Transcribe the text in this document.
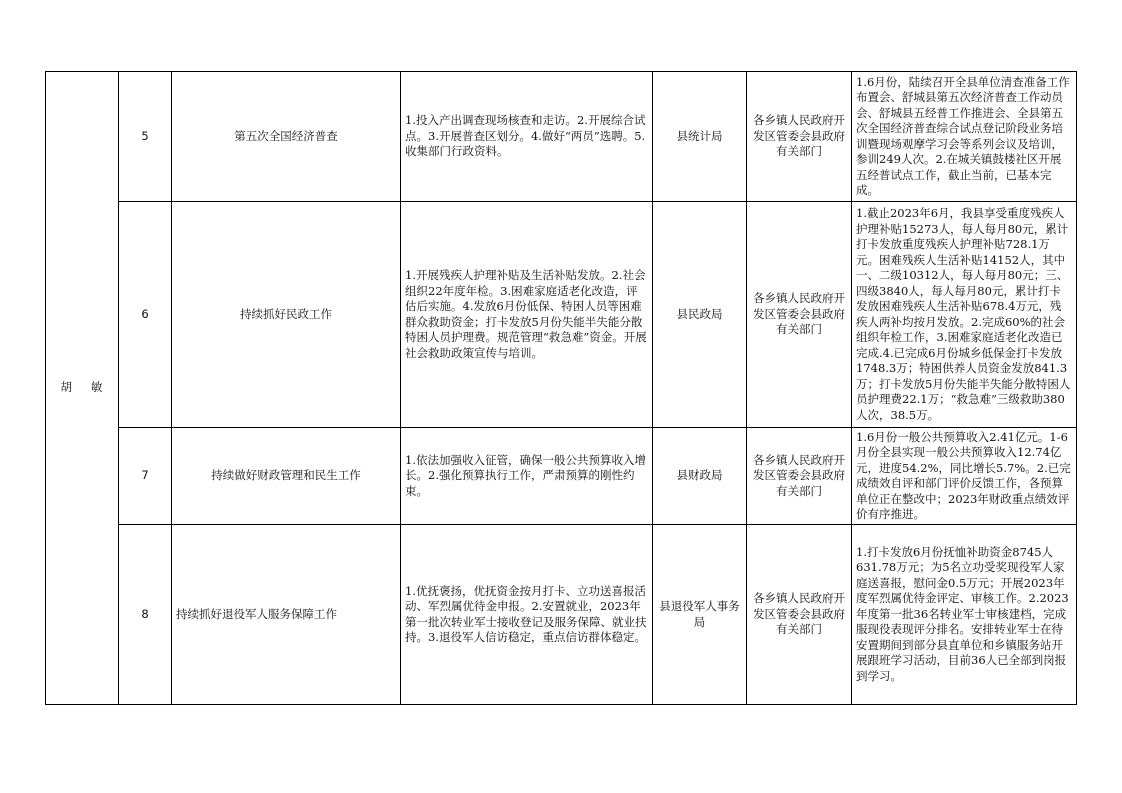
胡 敏	5	第五次全国经济普查	1.投入产出调查现场核查和走访。2.开展综合试点。3.开展普查区划分。4.做好“两员”选聘。5.收集部门行政资料。	县统计局	各乡镇人民政府开发区管委会县政府有关部门	1.6月份，陆续召开全县单位清查准备工作布置会、舒城县第五次经济普查工作动员会、舒城县五经普工作推进会、全县第五次全国经济普查综合试点登记阶段业务培训暨现场观摩学习会等系列会议及培训，参训249人次。2.在城关镇鼓楼社区开展五经普试点工作，截止当前，已基本完成。
	6	持续抓好民政工作	1.开展残疾人护理补贴及生活补贴发放。2.社会组织22年度年检。3.困难家庭适老化改造，评估后实施。4.发放6月份低保、特困人员等困难群众救助资金；打卡发放5月份失能半失能分散特困人员护理费。规范管理“救急难”资金。开展社会救助政策宣传与培训。	县民政局	各乡镇人民政府开发区管委会县政府有关部门	1.截止2023年6月，我县享受重度残疾人护理补贴15273人，每人每月80元，累计打卡发放重度残疾人护理补贴728.1万元。困难残疾人生活补贴14152人，其中一、二级10312人，每人每月80元；三、四级3840人，每人每月80元，累计打卡发放困难残疾人生活补贴678.4万元，残疾人两补均按月发放。2.完成60%的社会组织年检工作，3.困难家庭适老化改造已完成.4.已完成6月份城乡低保金打卡发放1748.3万；特困供养人员资金发放841.3万；打卡发放5月份失能半失能分散特困人员护理费22.1万；“救急难”三级救助380人次，38.5万。
	7	持续做好财政管理和民生工作	1.依法加强收入征管，确保一般公共预算收入增长。2.强化预算执行工作，严肃预算的刚性约束。	县财政局	各乡镇人民政府开发区管委会县政府有关部门	1.6月份一般公共预算收入2.41亿元。1-6月份全县实现一般公共预算收入12.74亿元，进度54.2%，同比增长5.7%。2.已完成绩效自评和部门评价反馈工作，各预算单位正在整改中；2023年财政重点绩效评价有序推进。
	8	持续抓好退役军人服务保障工作	1.优抚褒扬，优抚资金按月打卡、立功送喜报活动、军烈属优待金申报。2.安置就业，2023年第一批次转业军士接收登记及服务保障、就业扶持。3.退役军人信访稳定，重点信访群体稳定。	县退役军人事务局	各乡镇人民政府开发区管委会县政府有关部门	1.打卡发放6月份抚恤补助资金8745人631.78万元；为5名立功受奖现役军人家庭送喜报，慰问金0.5万元；开展2023年度军烈属优待金评定、审核工作。2.2023年度第一批36名转业军士审核建档，完成服现役表现评分排名。安排转业军士在待安置期间到部分县直单位和乡镇服务站开展跟班学习活动，目前36人已全部到岗报到学习。
